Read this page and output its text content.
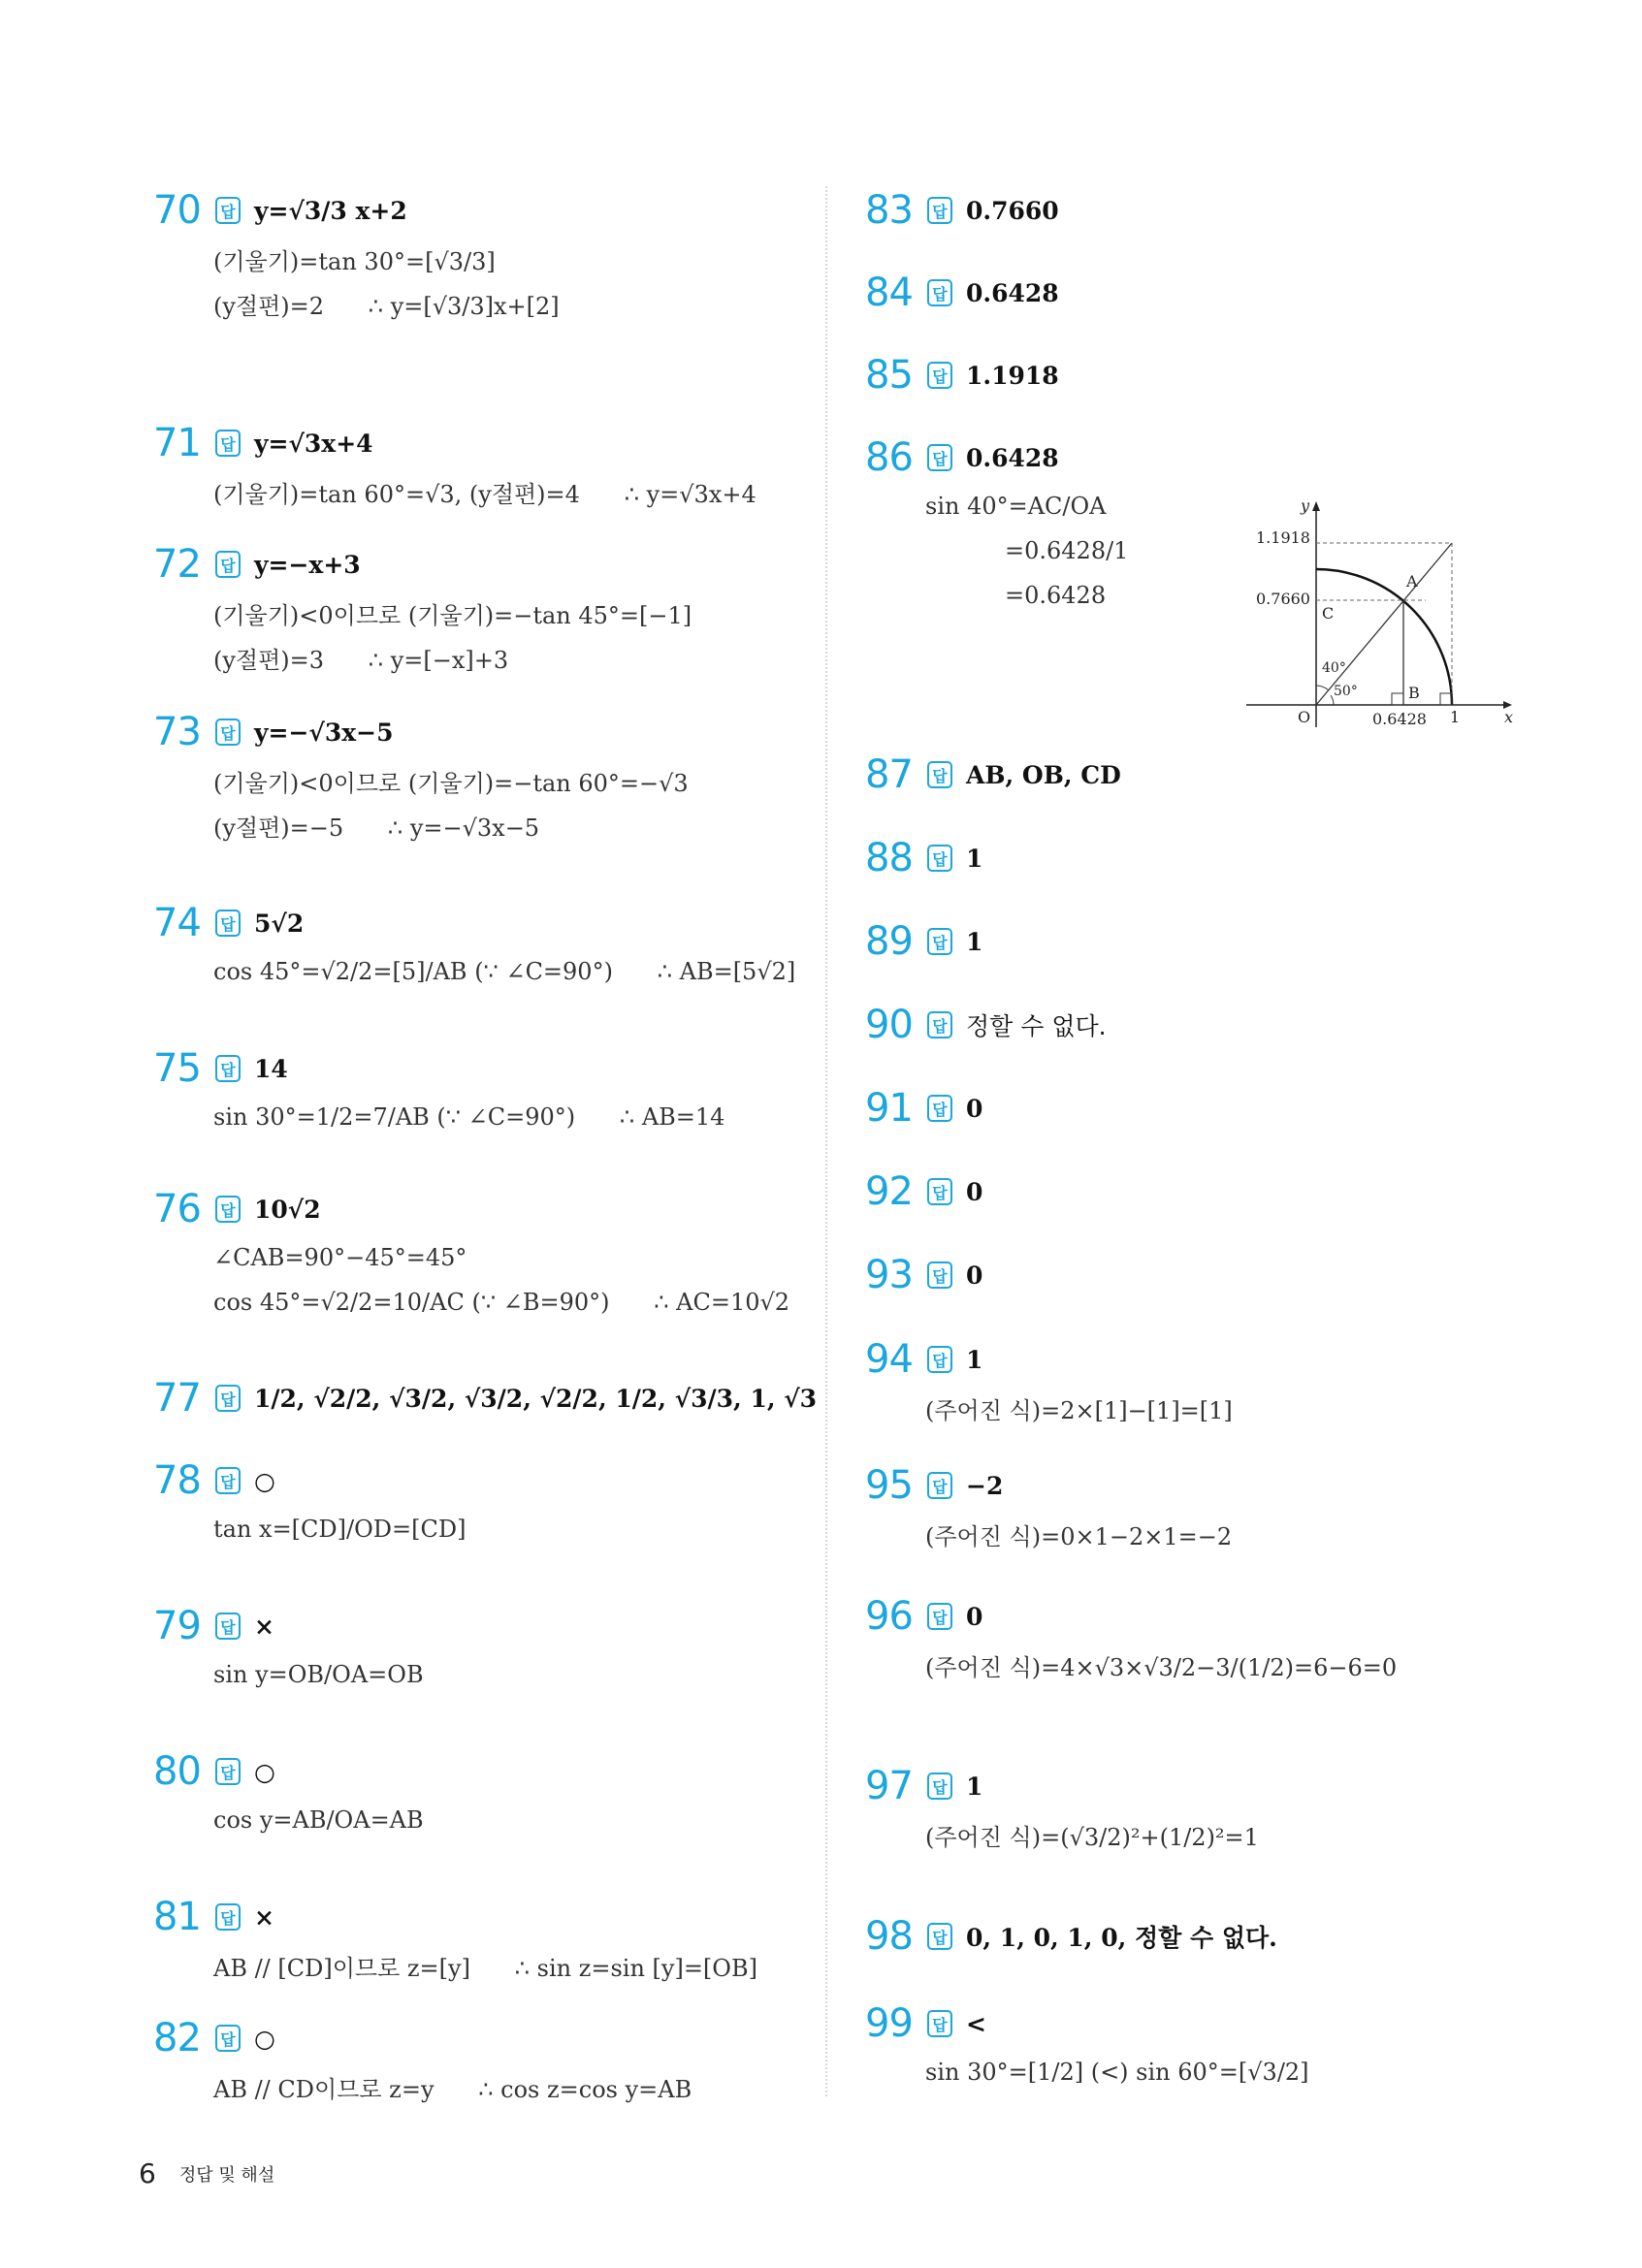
y
x
O
1.1918
0.7660
0.6428 1
A
B
C
40°
50°
6 정답 및 해설
70	답 y=√3/3 x+2
(기울기)=tan 30°=[√3/3]
(y절편)=2      ∴ y=[√3/3]x+[2]
71	답 y=√3x+4
(기울기)=tan 60°=√3, (y절편)=4      ∴ y=√3x+4
72	답 y=−x+3
(기울기)<0이므로 (기울기)=−tan 45°=[−1]
(y절편)=3      ∴ y=[−x]+3
73	답 y=−√3x−5
(기울기)<0이므로 (기울기)=−tan 60°=−√3
(y절편)=−5      ∴ y=−√3x−5
74	답 5√2
cos 45°=√2/2=[5]/AB (∵ ∠C=90°)      ∴ AB=[5√2]
75	답 14
sin 30°=1/2=7/AB (∵ ∠C=90°)      ∴ AB=14
76	답 10√2
∠CAB=90°−45°=45°
cos 45°=√2/2=10/AC (∵ ∠B=90°)      ∴ AC=10√2
77	답 1/2, √2/2, √3/2, √3/2, √2/2, 1/2, √3/3, 1, √3
78	답 ○
tan x=[CD]/OD=[CD]
79	답 ×
sin y=OB/OA=OB
80	답 ○
cos y=AB/OA=AB
81	답 ×
AB // [CD]이므로 z=[y]      ∴ sin z=sin [y]=[OB]
82	답 ○
AB // CD이므로 z=y      ∴ cos z=cos y=AB
83	답 0.7660
84	답 0.6428
85	답 1.1918
86	답 0.6428
sin 40°=AC/OA
=0.6428/1
=0.6428
87	답 AB, OB, CD
88	답 1
89	답 1
90	답 정할 수 없다.
91	답 0
92	답 0
93	답 0
94	답 1
(주어진 식)=2×[1]−[1]=[1]
95	답 −2
(주어진 식)=0×1−2×1=−2
96	답 0
(주어진 식)=4×√3×√3/2−3/(1/2)=6−6=0
97	답 1
(주어진 식)=(√3/2)²+(1/2)²=1
98	답 0, 1, 0, 1, 0, 정할 수 없다.
99	답 <
sin 30°=[1/2] (<) sin 60°=[√3/2]
